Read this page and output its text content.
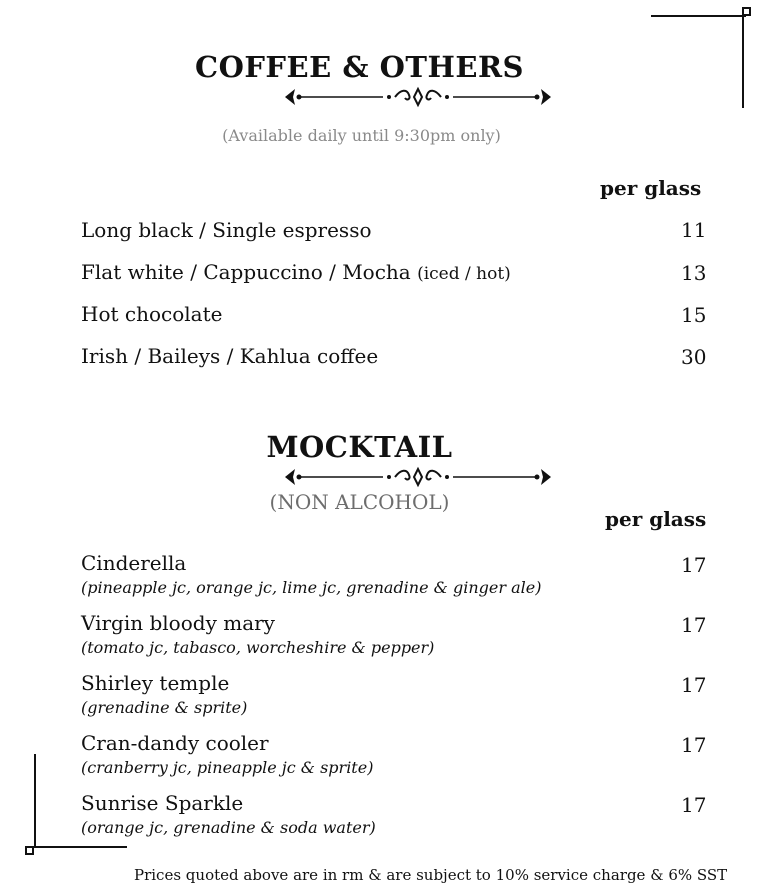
COFFEE & OTHERS
(Available daily until 9:30pm only)
per glass
Long black / Single espresso	11
Flat white / Cappuccino / Mocha (iced / hot)	13
Hot chocolate	15
Irish / Baileys / Kahlua coffee	30
MOCKTAIL
(NON ALCOHOL)
per glass
Cinderella
(pineapple jc, orange jc, lime jc, grenadine & ginger ale)
17
Virgin bloody mary
(tomato jc, tabasco, worcheshire & pepper)
17
Shirley temple
(grenadine & sprite)
17
Cran-dandy cooler
(cranberry jc, pineapple jc & sprite)
17
Sunrise Sparkle
(orange jc, grenadine & soda water)
17
Prices quoted above are in rm & are subject to 10% service charge & 6% SST
